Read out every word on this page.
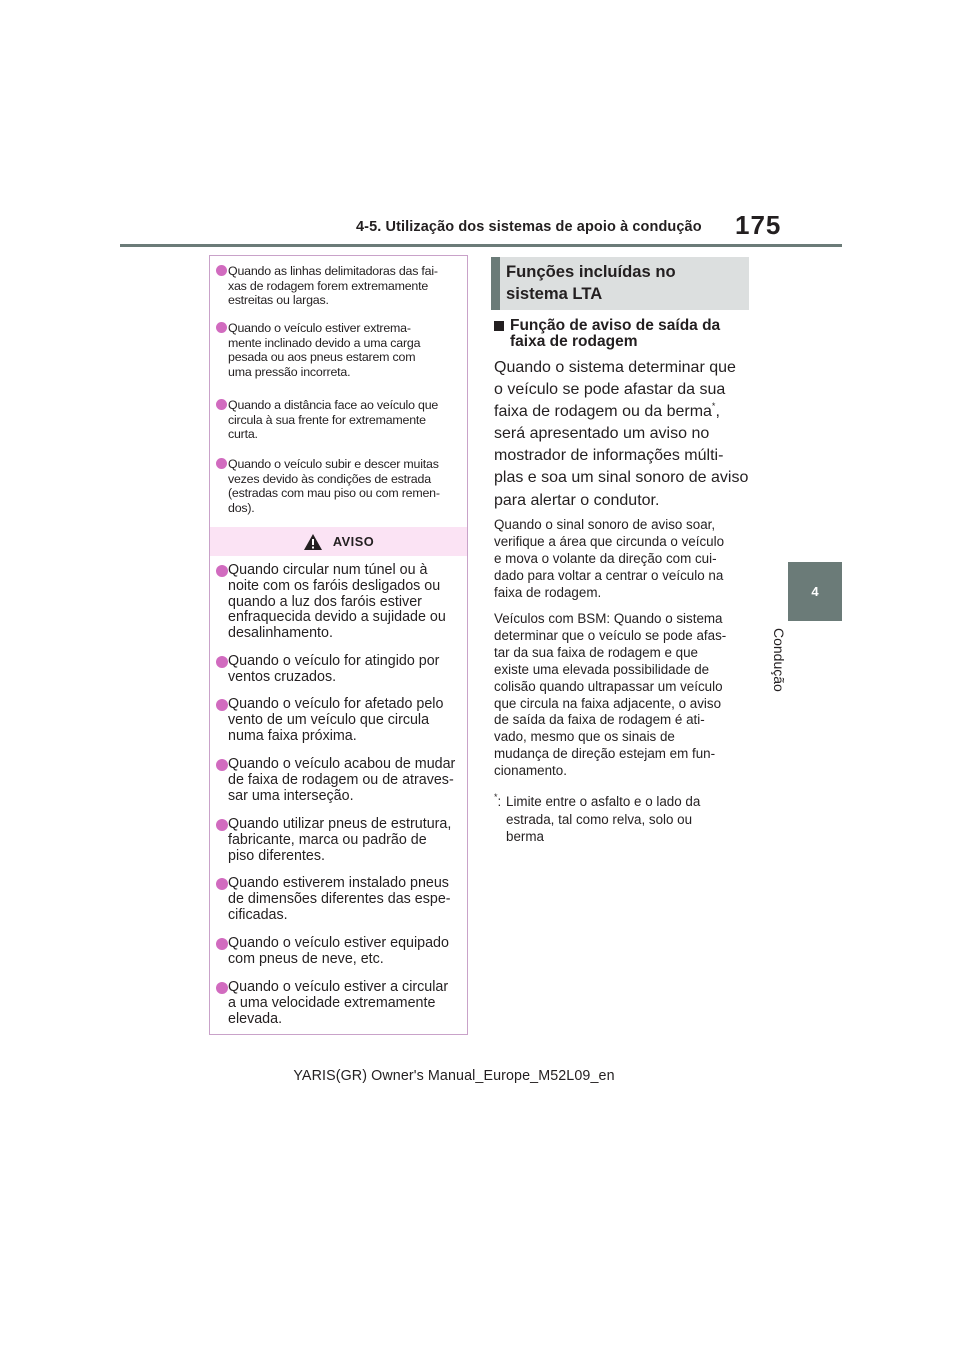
4-5. Utilização dos sistemas de apoio à condução 175
4
Condução
Quando as linhas delimitadoras das fai-
xas de rodagem forem extremamente
estreitas ou largas.
Quando o veículo estiver extrema-
mente inclinado devido a uma carga
pesada ou aos pneus estarem com
uma pressão incorreta.
Quando a distância face ao veículo que
circula à sua frente for extremamente
curta.
Quando o veículo subir e descer muitas
vezes devido às condições de estrada
(estradas com mau piso ou com remen-
dos).
AVISO
Quando circular num túnel ou à
noite com os faróis desligados ou
quando a luz dos faróis estiver
enfraquecida devido a sujidade ou
desalinhamento.
Quando o veículo for atingido por
ventos cruzados.
Quando o veículo for afetado pelo
vento de um veículo que circula
numa faixa próxima.
Quando o veículo acabou de mudar
de faixa de rodagem ou de atraves-
sar uma interseção.
Quando utilizar pneus de estrutura,
fabricante, marca ou padrão de
piso diferentes.
Quando estiverem instalado pneus
de dimensões diferentes das espe-
cificadas.
Quando o veículo estiver equipado
com pneus de neve, etc.
Quando o veículo estiver a circular
a uma velocidade extremamente
elevada.
Funções incluídas no
sistema LTA
Função de aviso de saída da
faixa de rodagem
Quando o sistema determinar que
o veículo se pode afastar da sua
faixa de rodagem ou da berma*,
será apresentado um aviso no
mostrador de informações múlti-
plas e soa um sinal sonoro de aviso
para alertar o condutor.
Quando o sinal sonoro de aviso soar,
verifique a área que circunda o veículo
e mova o volante da direção com cui-
dado para voltar a centrar o veículo na
faixa de rodagem.
Veículos com BSM: Quando o sistema
determinar que o veículo se pode afas-
tar da sua faixa de rodagem e que
existe uma elevada possibilidade de
colisão quando ultrapassar um veículo
que circula na faixa adjacente, o aviso
de saída da faixa de rodagem é ati-
vado, mesmo que os sinais de
mudança de direção estejam em fun-
cionamento.
*: Limite entre o asfalto e o lado da
estrada, tal como relva, solo ou
berma
YARIS(GR) Owner's Manual_Europe_M52L09_en
